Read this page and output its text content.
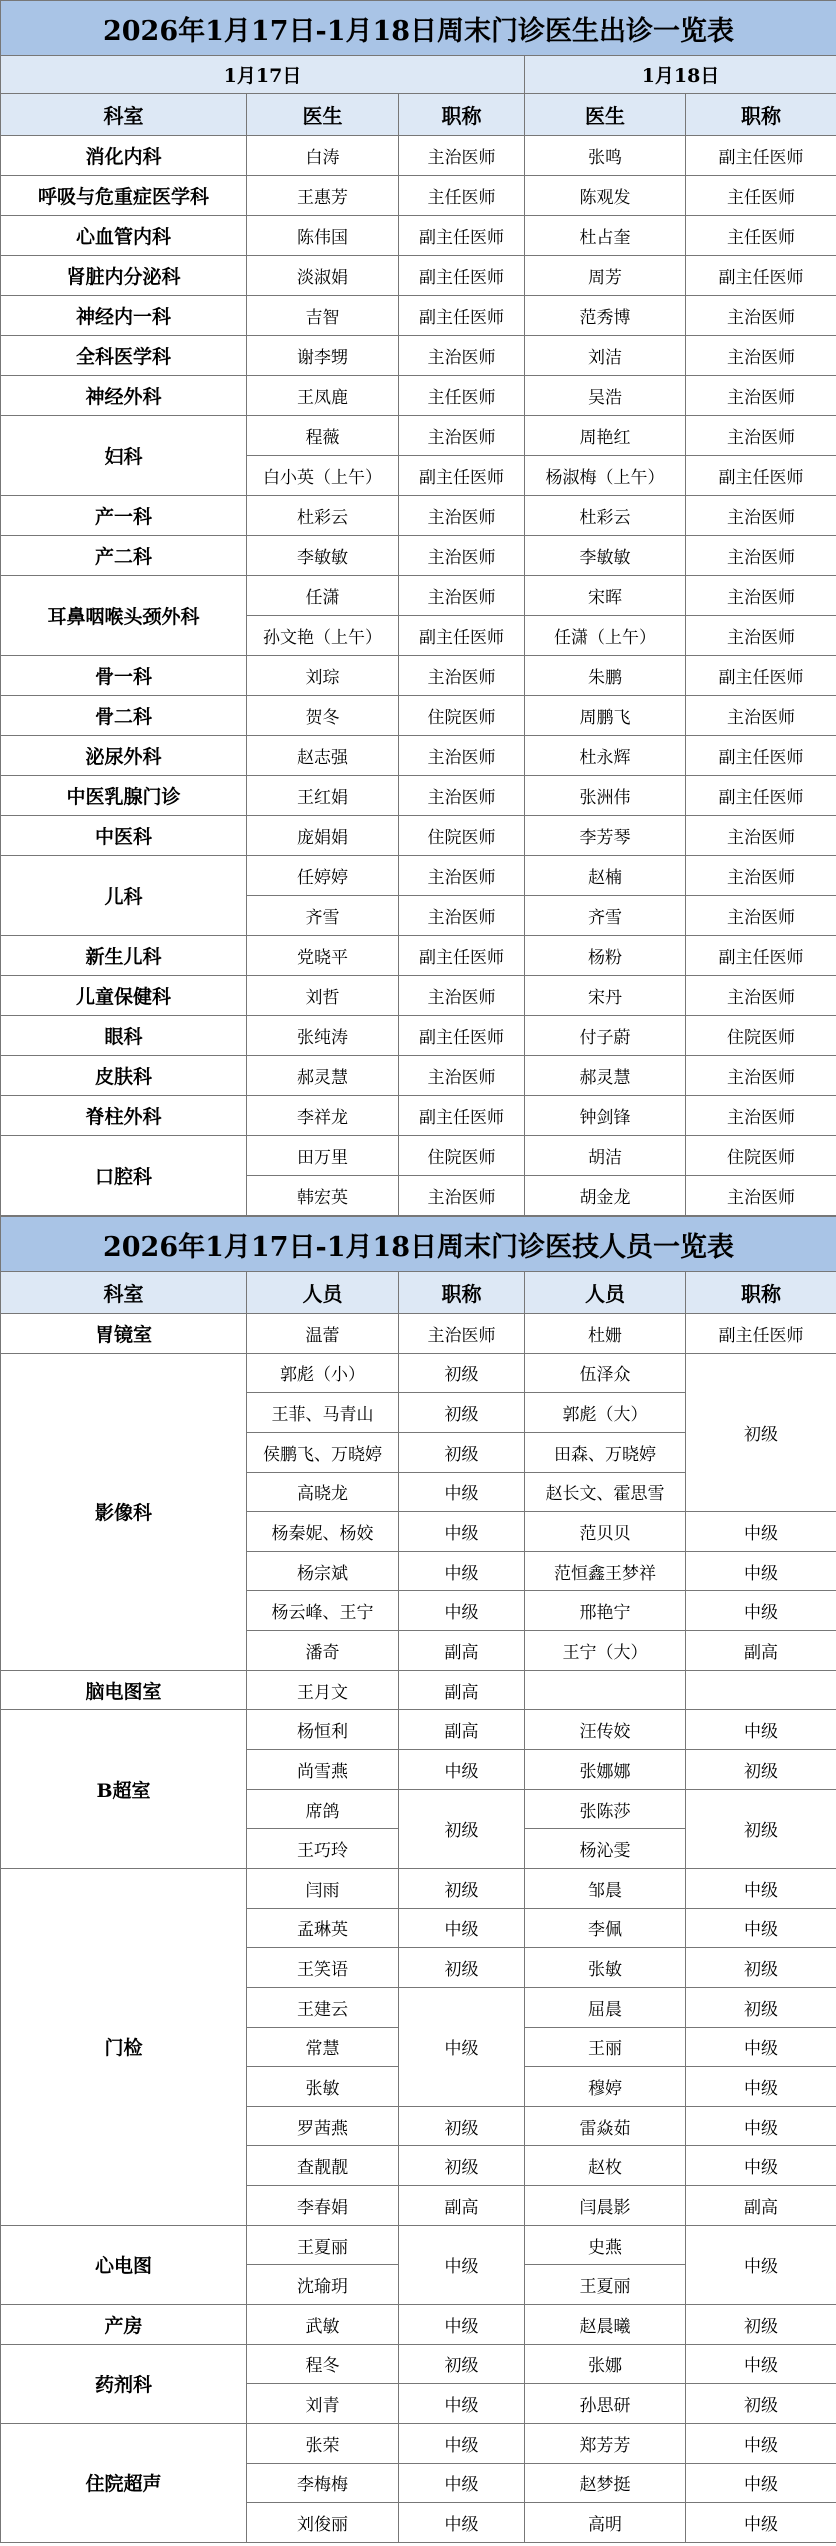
2026年1月17日-1月18日周末门诊医生出诊一览表				
1月17日			1月18日	
科室	医生	职称	医生	职称
消化内科	白涛	主治医师	张鸣	副主任医师
呼吸与危重症医学科	王惠芳	主任医师	陈观发	主任医师
心血管内科	陈伟国	副主任医师	杜占奎	主任医师
肾脏内分泌科	淡淑娟	副主任医师	周芳	副主任医师
神经内一科	吉智	副主任医师	范秀博	主治医师
全科医学科	谢李甥	主治医师	刘洁	主治医师
神经外科	王凤鹿	主任医师	吴浩	主治医师
妇科	程薇	主治医师	周艳红	主治医师
	白小英（上午）	副主任医师	杨淑梅（上午）	副主任医师
产一科	杜彩云	主治医师	杜彩云	主治医师
产二科	李敏敏	主治医师	李敏敏	主治医师
耳鼻咽喉头颈外科	任潇	主治医师	宋晖	主治医师
	孙文艳（上午）	副主任医师	任潇（上午）	主治医师
骨一科	刘琮	主治医师	朱鹏	副主任医师
骨二科	贺冬	住院医师	周鹏飞	主治医师
泌尿外科	赵志强	主治医师	杜永辉	副主任医师
中医乳腺门诊	王红娟	主治医师	张洲伟	副主任医师
中医科	庞娟娟	住院医师	李芳琴	主治医师
儿科	任婷婷	主治医师	赵楠	主治医师
	齐雪	主治医师	齐雪	主治医师
新生儿科	党晓平	副主任医师	杨粉	副主任医师
儿童保健科	刘哲	主治医师	宋丹	主治医师
眼科	张纯涛	副主任医师	付子蔚	住院医师
皮肤科	郝灵慧	主治医师	郝灵慧	主治医师
脊柱外科	李祥龙	副主任医师	钟剑锋	主治医师
口腔科	田万里	住院医师	胡洁	住院医师
	韩宏英	主治医师	胡金龙	主治医师
2026年1月17日-1月18日周末门诊医技人员一览表				
科室	人员	职称	人员	职称
胃镜室	温蕾	主治医师	杜姗	副主任医师
影像科	郭彪（小）	初级	伍泽众	初级
	王菲、马青山	初级	郭彪（大）	
	侯鹏飞、万晓婷	初级	田森、万晓婷	
	高晓龙	中级	赵长文、霍思雪	
	杨秦妮、杨姣	中级	范贝贝	中级
	杨宗斌	中级	范恒鑫王梦祥	中级
	杨云峰、王宁	中级	邢艳宁	中级
	潘奇	副高	王宁（大）	副高
脑电图室	王月文	副高		
B超室	杨恒利	副高	汪传姣	中级
	尚雪燕	中级	张娜娜	初级
	席鸽	初级	张陈莎	初级
	王巧玲		杨沁雯	
门检	闫雨	初级	邹晨	中级
	孟琳英	中级	李佩	中级
	王笑语	初级	张敏	初级
	王建云	中级	屈晨	初级
	常慧		王丽	中级
	张敏		穆婷	中级
	罗茜燕	初级	雷焱茹	中级
	查靓靓	初级	赵枚	中级
	李春娟	副高	闫晨影	副高
心电图	王夏丽	中级	史燕	中级
	沈瑜玥		王夏丽	
产房	武敏	中级	赵晨曦	初级
药剂科	程冬	初级	张娜	中级
	刘青	中级	孙思研	初级
住院超声	张荣	中级	郑芳芳	中级
	李梅梅	中级	赵梦挺	中级
	刘俊丽	中级	高明	中级
